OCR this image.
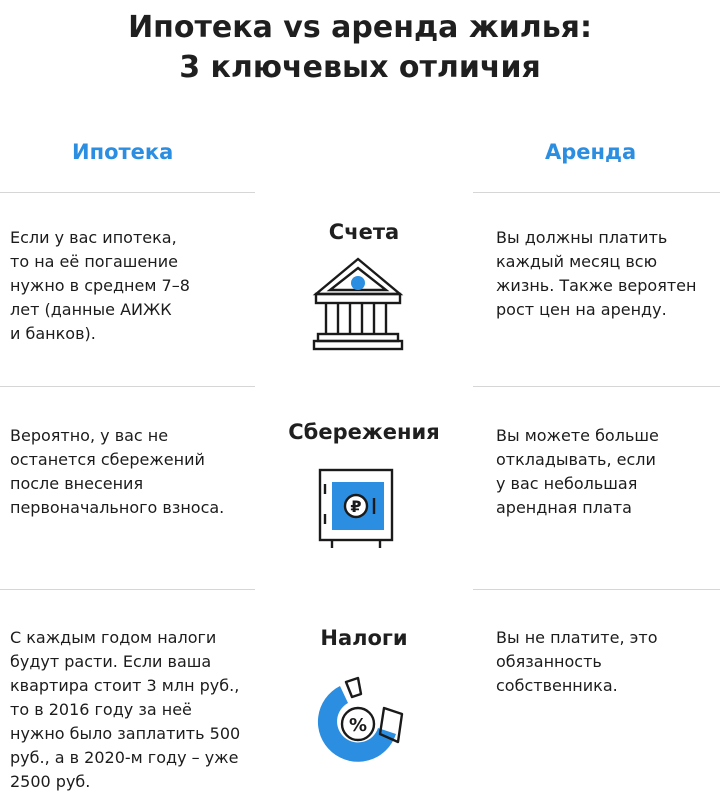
Ипотека vs аренда жилья:
3 ключевых отличия
Ипотека	Аренда
Если у вас ипотека,
то на её погашение
нужно в среднем 7–8
лет (данные АИЖК
и банков).
Счета	Вы должны платить
каждый месяц всю
жизнь. Также вероятен
рост цен на аренду.
Вероятно, у вас не
останется сбережений
после внесения
первоначального взноса.
Сбережения
₽
Вы можете больше
откладывать, если
у вас небольшая
арендная плата
С каждым годом налоги
будут расти. Если ваша
квартира стоит 3 млн руб.,
то в 2016 году за неё
нужно было заплатить 500
руб., а в 2020-м году – уже
2500 руб.
Налоги
%
Вы не платите, это
обязанность
собственника.
